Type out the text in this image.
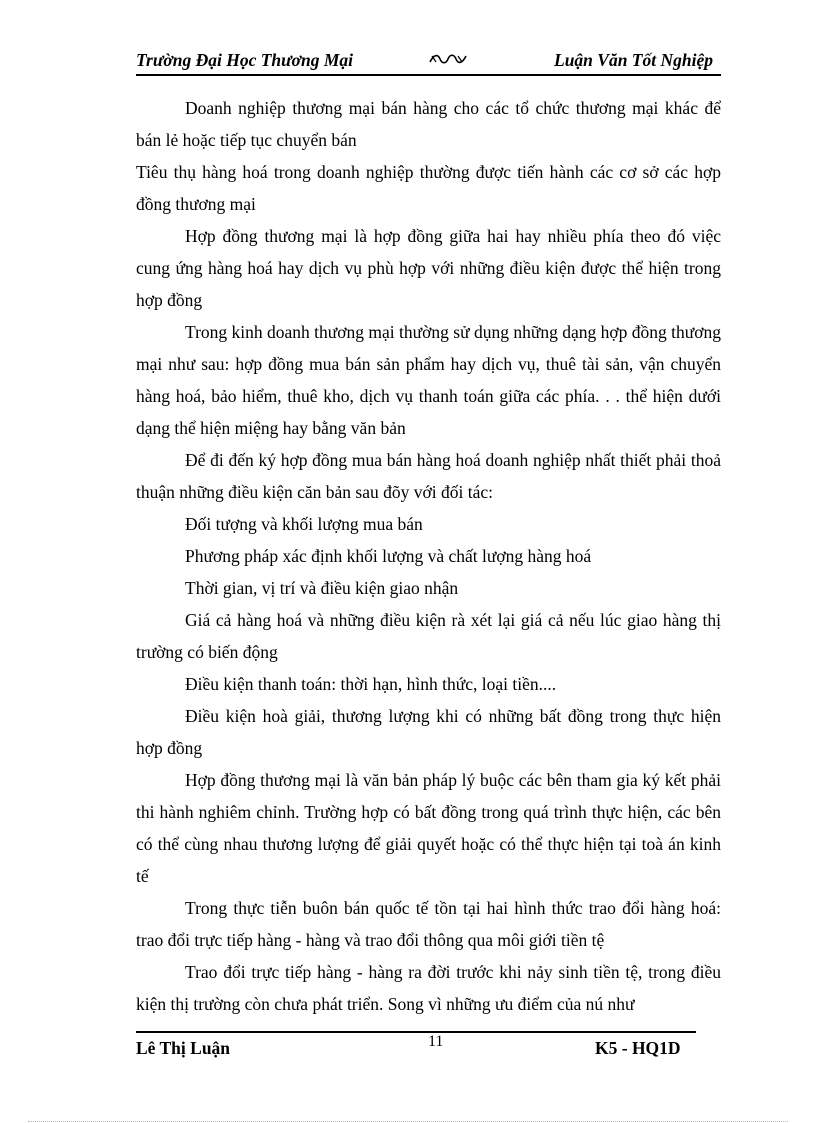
Trường Đại Học Thương Mại	Luận Văn Tốt Nghiệp

Doanh nghiệp thương mại bán hàng cho các tổ chức thương mại khác để bán lẻ hoặc tiếp tục chuyển bán

Tiêu thụ hàng hoá trong doanh nghiệp thường được tiến hành các cơ sở các hợp đồng thương mại

Hợp đồng thương mại là hợp đồng giữa hai hay nhiều phía theo đó việc cung ứng hàng hoá hay dịch vụ phù hợp với những điều kiện được thể hiện trong hợp đồng

Trong kinh doanh thương mại thường sử dụng những dạng hợp đồng thương mại như sau: hợp đồng mua bán sản phẩm hay dịch vụ, thuê tài sản, vận chuyển hàng hoá, bảo hiểm, thuê kho, dịch vụ thanh toán giữa các phía. . . thể hiện dưới dạng thể hiện miệng hay bằng văn bản

Để đi đến ký hợp đồng mua bán hàng hoá doanh nghiệp nhất thiết phải thoả thuận những điều kiện căn bản sau đõy với đối tác:

Đối tượng và khối lượng mua bán

Phương pháp xác định khối lượng và chất lượng hàng hoá

Thời gian, vị trí và điều kiện giao nhận

Giá cả hàng hoá và những điều kiện rà xét lại giá cả nếu lúc giao hàng thị trường có biến động

Điều kiện thanh toán: thời hạn, hình thức, loại tiền....

Điều kiện hoà giải, thương lượng khi có những bất đồng trong thực hiện hợp đồng

Hợp đồng thương mại là văn bản pháp lý buộc các bên tham gia ký kết phải thi hành nghiêm chỉnh. Trường hợp có bất đồng trong quá trình thực hiện, các bên có thể cùng nhau thương lượng để giải quyết hoặc có thể thực hiện tại toà án kinh tế

Trong thực tiễn buôn bán quốc tế tồn tại hai hình thức trao đổi hàng hoá: trao đổi trực tiếp hàng - hàng và trao đổi thông qua môi giới tiền tệ

Trao đổi trực tiếp hàng - hàng ra đời trước khi nảy sinh tiền tệ, trong điều kiện thị trường còn chưa phát triển. Song vì những ưu điểm của nú như

Lê Thị Luận	11	K5 - HQ1D
